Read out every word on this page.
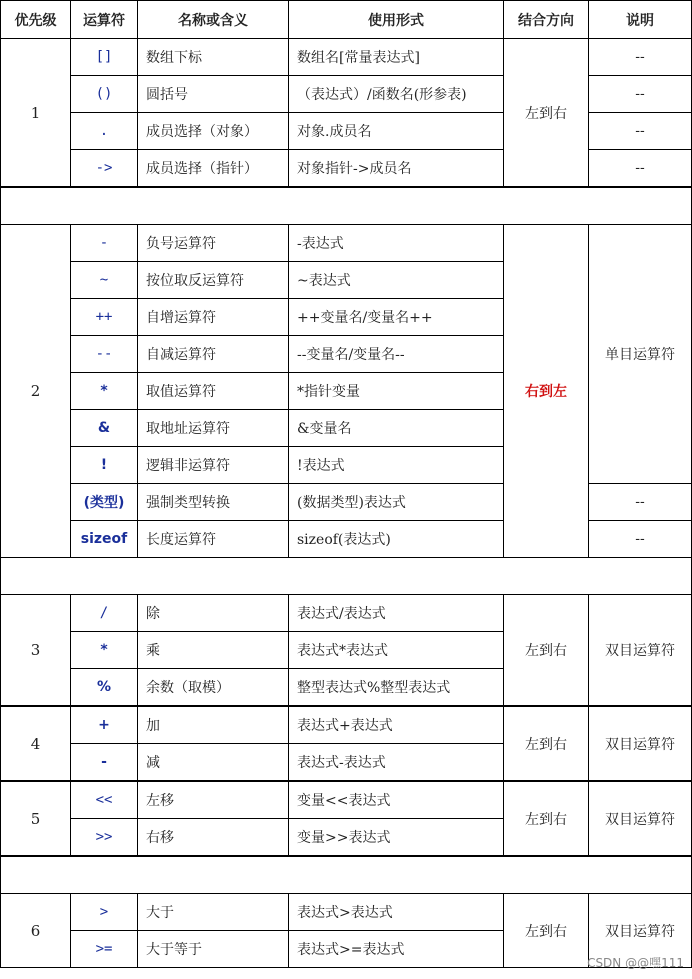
优先级	运算符	名称或含义	使用形式	结合方向	说明
1	[]	数组下标	数组名[常量表达式]	左到右	--
	()	圆括号	（表达式）/函数名(形参表)		--
	.	成员选择（对象）	对象.成员名		--
	->	成员选择（指针）	对象指针->成员名		--

2	-	负号运算符	-表达式	右到左	单目运算符
	~	按位取反运算符	~表达式		
	++	自增运算符	++变量名/变量名++		
	--	自减运算符	--变量名/变量名--		
	*	取值运算符	*指针变量		
	&	取地址运算符	&变量名		
	!	逻辑非运算符	!表达式		
	(类型)	强制类型转换	(数据类型)表达式		--
	sizeof	长度运算符	sizeof(表达式)		--

3	/	除	表达式/表达式	左到右	双目运算符
	*	乘	表达式*表达式		
	%	余数（取模）	整型表达式%整型表达式		
4	+	加	表达式+表达式	左到右	双目运算符
	-	减	表达式-表达式		
5	<<	左移	变量<<表达式	左到右	双目运算符
	>>	右移	变量>>表达式		

6	>	大于	表达式>表达式	左到右	双目运算符
	>=	大于等于	表达式>=表达式		
CSDN @@嘿111
